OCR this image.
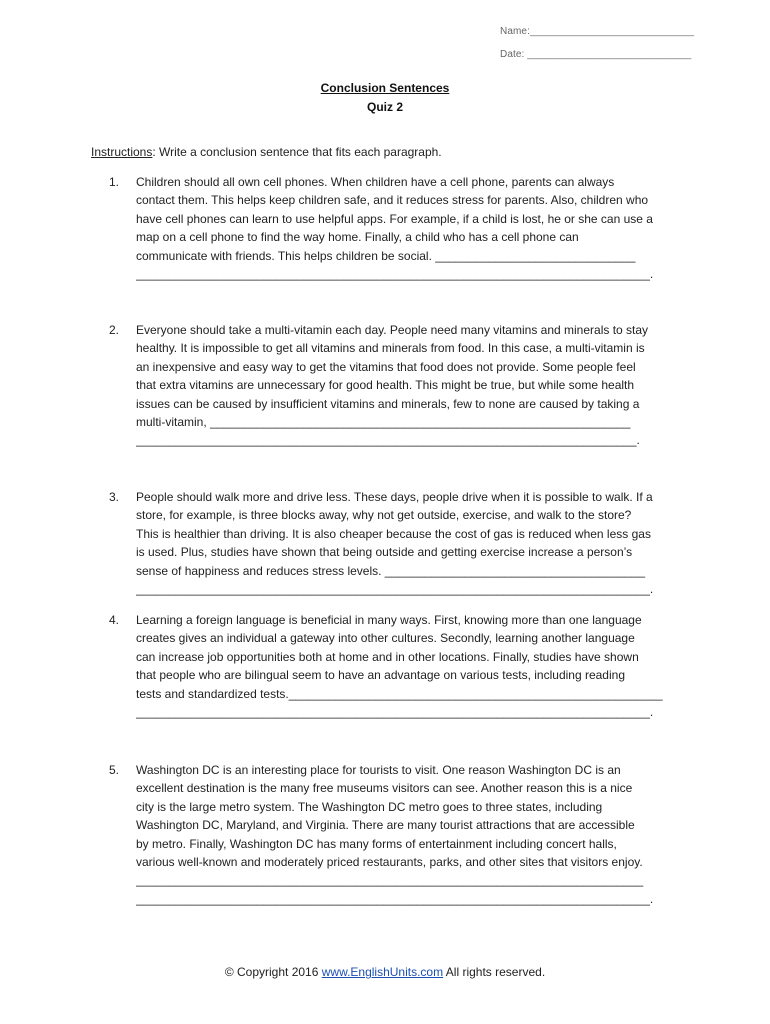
Name:_____________________________
Date: _____________________________
Conclusion Sentences
Quiz 2
Instructions: Write a conclusion sentence that fits each paragraph.
1.	Children should all own cell phones. When children have a cell phone, parents can always

contact them. This helps keep children safe, and it reduces stress for parents. Also, children who

have cell phones can learn to use helpful apps. For example, if a child is lost, he or she can use a

map on a cell phone to find the way home. Finally, a child who has a cell phone can

communicate with friends. This helps children be social. ______________________________

_____________________________________________________________________________.

2.	Everyone should take a multi-vitamin each day. People need many vitamins and minerals to stay

healthy. It is impossible to get all vitamins and minerals from food. In this case, a multi-vitamin is

an inexpensive and easy way to get the vitamins that food does not provide. Some people feel

that extra vitamins are unnecessary for good health. This might be true, but while some health

issues can be caused by insufficient vitamins and minerals, few to none are caused by taking a

multi-vitamin, _______________________________________________________________

___________________________________________________________________________.

3.	People should walk more and drive less. These days, people drive when it is possible to walk. If a

store, for example, is three blocks away, why not get outside, exercise, and walk to the store?

This is healthier than driving. It is also cheaper because the cost of gas is reduced when less gas

is used. Plus, studies have shown that being outside and getting exercise increase a person’s

sense of happiness and reduces stress levels. _______________________________________

_____________________________________________________________________________.

4.	Learning a foreign language is beneficial in many ways. First, knowing more than one language

creates gives an individual a gateway into other cultures. Secondly, learning another language

can increase job opportunities both at home and in other locations. Finally, studies have shown

that people who are bilingual seem to have an advantage on various tests, including reading

tests and standardized tests.________________________________________________________

_____________________________________________________________________________.

5.	Washington DC is an interesting place for tourists to visit. One reason Washington DC is an

excellent destination is the many free museums visitors can see. Another reason this is a nice

city is the large metro system. The Washington DC metro goes to three states, including

Washington DC, Maryland, and Virginia. There are many tourist attractions that are accessible

by metro. Finally, Washington DC has many forms of entertainment including concert halls,

various well-known and moderately priced restaurants, parks, and other sites that visitors enjoy.

____________________________________________________________________________

_____________________________________________________________________________.

© Copyright 2016 www.EnglishUnits.com All rights reserved.
